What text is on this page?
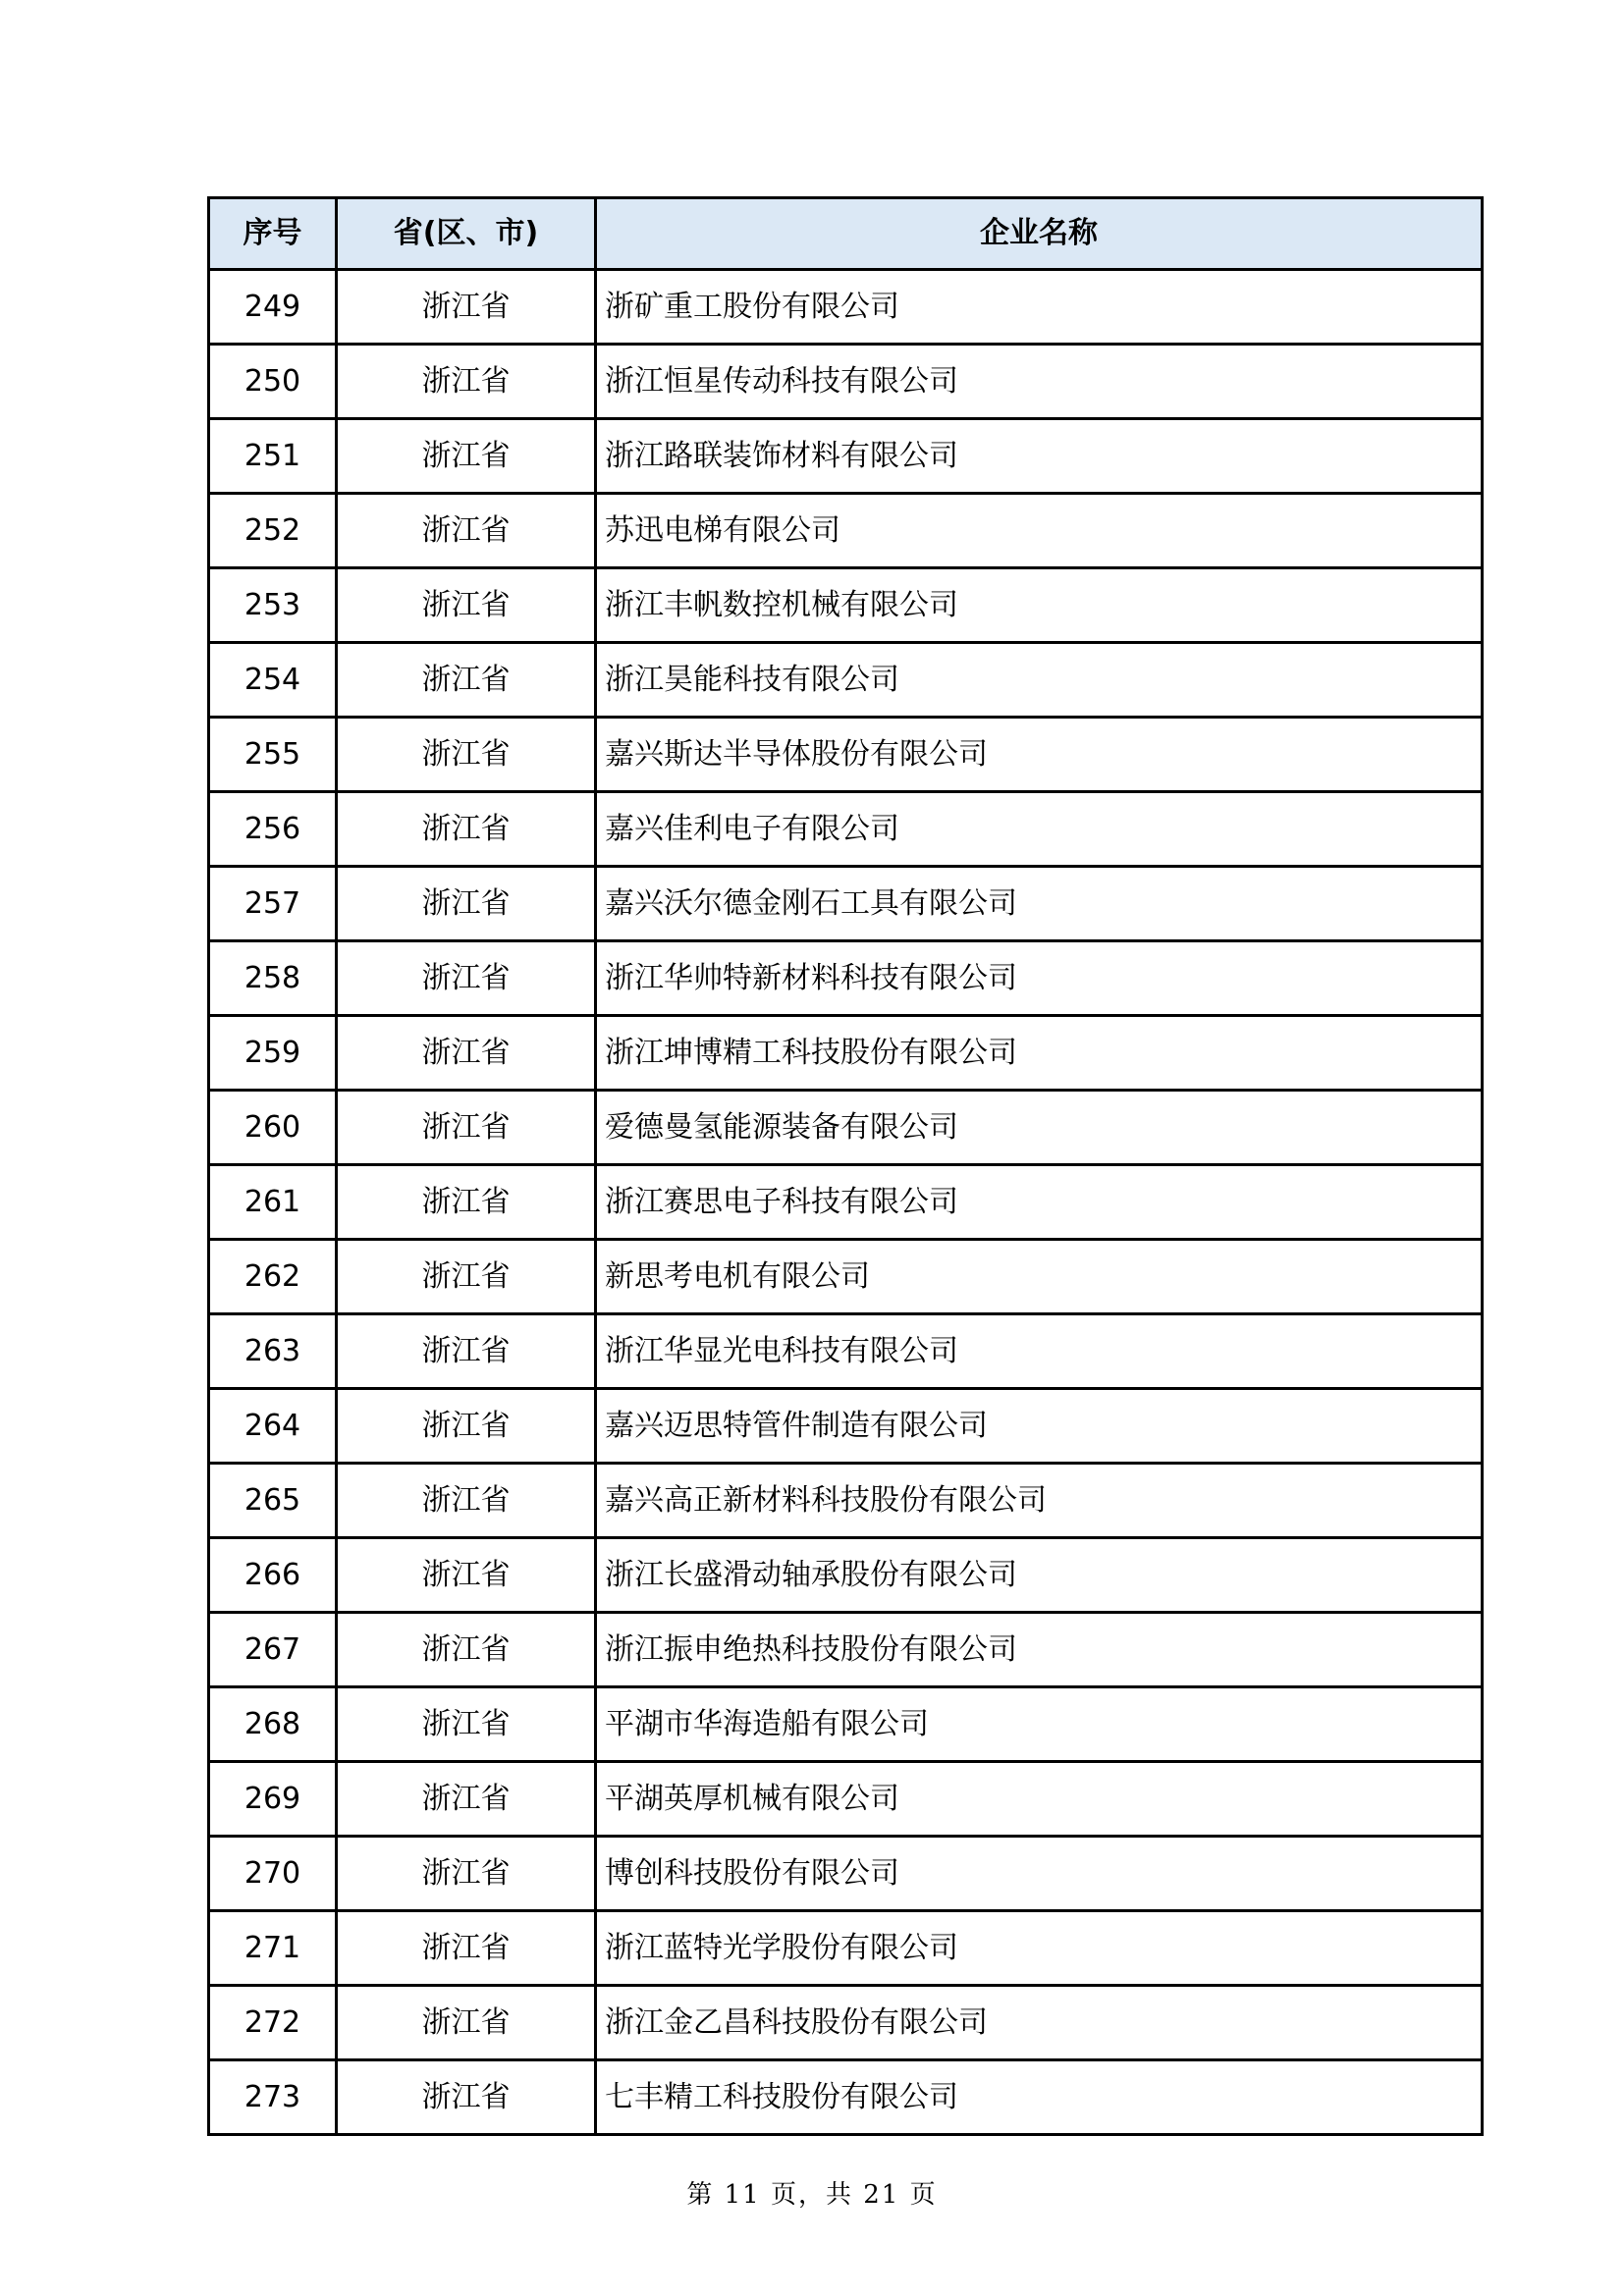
序号	省(区、市)	企业名称
249	浙江省	浙矿重工股份有限公司
250	浙江省	浙江恒星传动科技有限公司
251	浙江省	浙江路联装饰材料有限公司
252	浙江省	苏迅电梯有限公司
253	浙江省	浙江丰帆数控机械有限公司
254	浙江省	浙江昊能科技有限公司
255	浙江省	嘉兴斯达半导体股份有限公司
256	浙江省	嘉兴佳利电子有限公司
257	浙江省	嘉兴沃尔德金刚石工具有限公司
258	浙江省	浙江华帅特新材料科技有限公司
259	浙江省	浙江坤博精工科技股份有限公司
260	浙江省	爱德曼氢能源装备有限公司
261	浙江省	浙江赛思电子科技有限公司
262	浙江省	新思考电机有限公司
263	浙江省	浙江华显光电科技有限公司
264	浙江省	嘉兴迈思特管件制造有限公司
265	浙江省	嘉兴高正新材料科技股份有限公司
266	浙江省	浙江长盛滑动轴承股份有限公司
267	浙江省	浙江振申绝热科技股份有限公司
268	浙江省	平湖市华海造船有限公司
269	浙江省	平湖英厚机械有限公司
270	浙江省	博创科技股份有限公司
271	浙江省	浙江蓝特光学股份有限公司
272	浙江省	浙江金乙昌科技股份有限公司
273	浙江省	七丰精工科技股份有限公司
第 11 页，共 21 页
